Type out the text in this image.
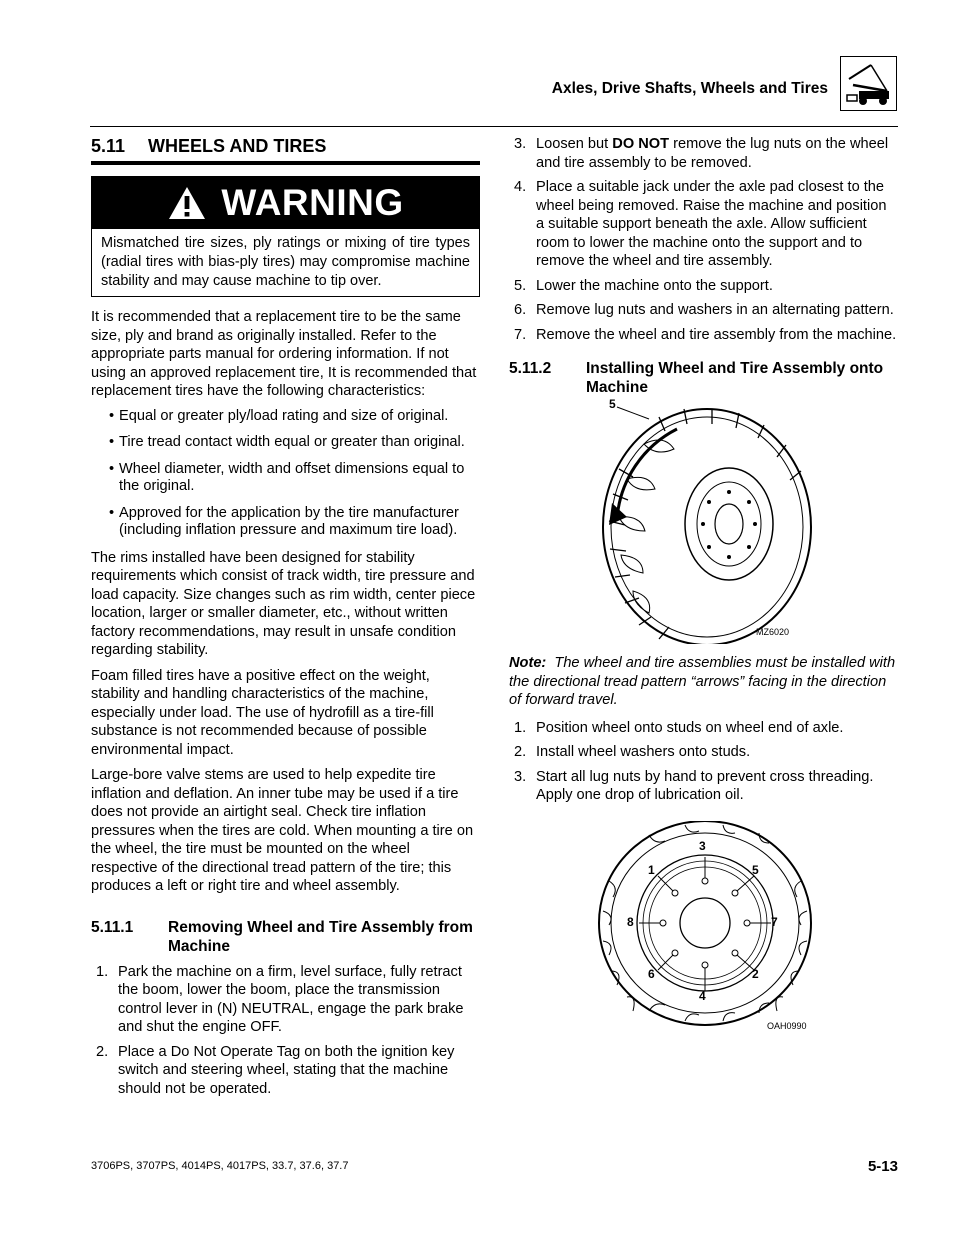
Axles, Drive Shafts, Wheels and Tires
5.11	WHEELS AND TIRES
WARNING
Mismatched tire sizes, ply ratings or mixing of tire types (radial tires with bias-ply tires) may compromise machine stability and may cause machine to tip over.

It is recommended that a replacement tire to be the same size, ply and brand as originally installed. Refer to the appropriate parts manual for ordering information. If not using an approved replacement tire, It is recommended that replacement tires have the following characteristics:

• Equal or greater ply/load rating and size of original.
• Tire tread contact width equal or greater than original.
• Wheel diameter, width and offset dimensions equal to the original.
• Approved for the application by the tire manufacturer (including inflation pressure and maximum tire load).

The rims installed have been designed for stability requirements which consist of track width, tire pressure and load capacity. Size changes such as rim width, center piece location, larger or smaller diameter, etc., without written factory recommendations, may result in unsafe condition regarding stability.

Foam filled tires have a positive effect on the weight, stability and handling characteristics of the machine, especially under load. The use of hydrofill as a tire-fill substance is not recommended because of possible environmental impact.

Large-bore valve stems are used to help expedite tire inflation and deflation. An inner tube may be used if a tire does not provide an airtight seal. Check tire inflation pressures when the tires are cold. When mounting a tire on the wheel, the tire must be mounted on the wheel respective of the directional tread pattern of the tire; this produces a left or right tire and wheel assembly.

5.11.1	Removing Wheel and Tire Assembly from Machine
1. Park the machine on a firm, level surface, fully retract the boom, lower the boom, place the transmission control lever in (N) NEUTRAL, engage the park brake and shut the engine OFF.
2. Place a Do Not Operate Tag on both the ignition key switch and steering wheel, stating that the machine should not be operated.
3. Loosen but DO NOT remove the lug nuts on the wheel and tire assembly to be removed.
4. Place a suitable jack under the axle pad closest to the wheel being removed. Raise the machine and position a suitable support beneath the axle. Allow sufficient room to lower the machine onto the support and to remove the wheel and tire assembly.
5. Lower the machine onto the support.
6. Remove lug nuts and washers in an alternating pattern.
7. Remove the wheel and tire assembly from the machine.
5.11.2	Installing Wheel and Tire Assembly onto Machine
5
MZ6020

Note: The wheel and tire assemblies must be installed with the directional tread pattern “arrows” facing in the direction of forward travel.

1. Position wheel onto studs on wheel end of axle.
2. Install wheel washers onto studs.
3. Start all lug nuts by hand to prevent cross threading. Apply one drop of lubrication oil.
3
1	5
8	7
6	2
4
OAH0990
3706PS, 3707PS, 4014PS, 4017PS, 33.7, 37.6, 37.7	5-13
